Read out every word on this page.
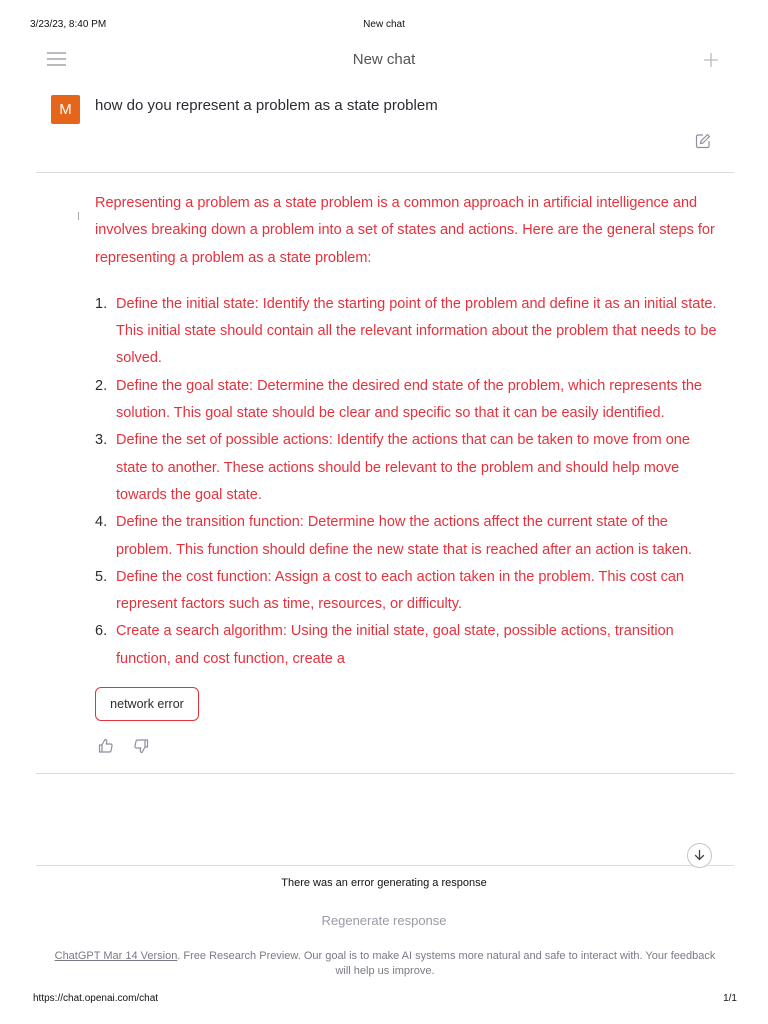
3/23/23, 8:40 PM	New chat
New chat
M	how do you represent a problem as a state problem

Representing a problem as a state problem is a common approach in artificial intelligence and involves breaking down a problem into a set of states and actions. Here are the general steps for representing a problem as a state problem:

1. Define the initial state: Identify the starting point of the problem and define it as an initial state. This initial state should contain all the relevant information about the problem that needs to be solved.
2. Define the goal state: Determine the desired end state of the problem, which represents the solution. This goal state should be clear and specific so that it can be easily identified.
3. Define the set of possible actions: Identify the actions that can be taken to move from one state to another. These actions should be relevant to the problem and should help move towards the goal state.
4. Define the transition function: Determine how the actions affect the current state of the problem. This function should define the new state that is reached after an action is taken.
5. Define the cost function: Assign a cost to each action taken in the problem. This cost can represent factors such as time, resources, or difficulty.
6. Create a search algorithm: Using the initial state, goal state, possible actions, transition function, and cost function, create a
network error
There was an error generating a response
Regenerate response
ChatGPT Mar 14 Version. Free Research Preview. Our goal is to make AI systems more natural and safe to interact with. Your feedback will help us improve.
https://chat.openai.com/chat	1/1
